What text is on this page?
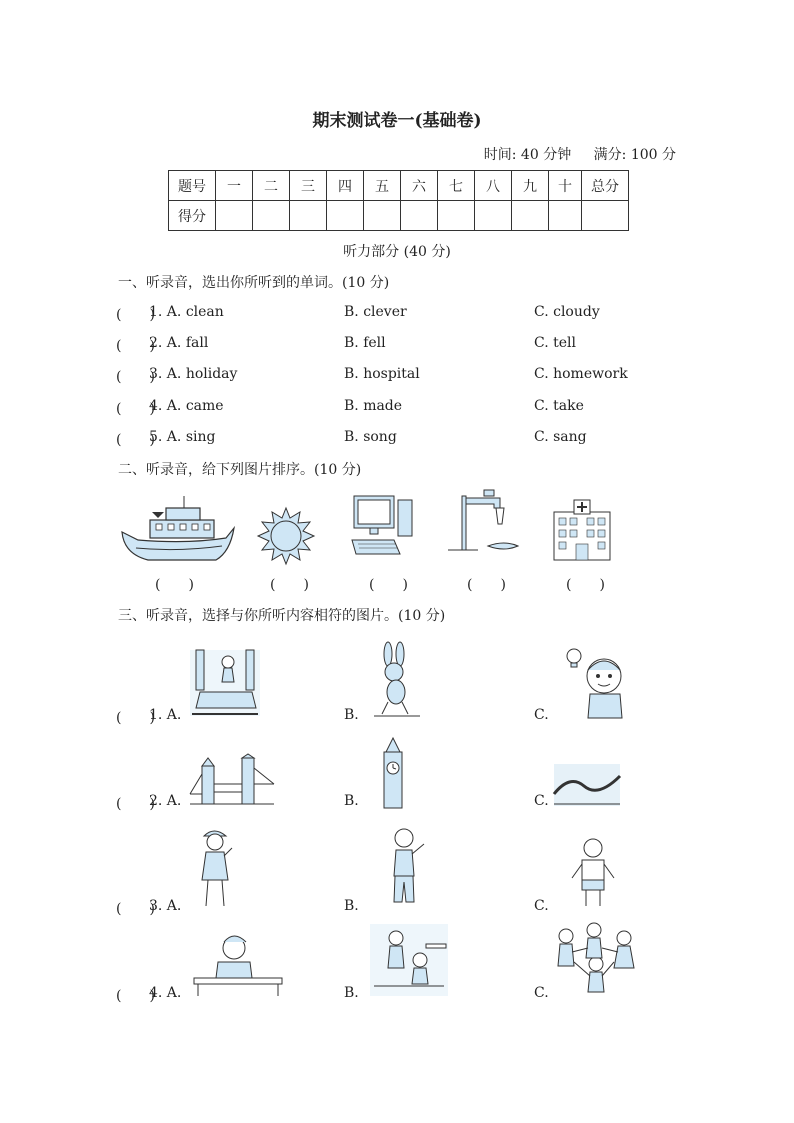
期末测试卷一(基础卷)
时间: 40 分钟 满分: 100 分
题号	一	二	三	四	五	六	七	八	九	十	总分
得分											
听力部分 (40 分)
一、听录音，选出你所听到的单词。(10 分)
(　　)
1. A. clean	B. clever	C. cloudy
(　　)
2. A. fall	B. fell	C. tell
(　　)
3. A. holiday	B. hospital	C. homework
(　　)
4. A. came	B. made	C. take
(　　)
5. A. sing	B. song	C. sang
二、听录音，给下列图片排序。(10 分)
(　　)	(　　)	(　　)	(　　)	(　　)
三、听录音，选择与你所听内容相符的图片。(10 分)
(　　)
1. A.	B.	C.
(　　)
2. A.	B.	C.
(　　)
3. A.	B.	C.
(　　)
4. A.	B.	C.
